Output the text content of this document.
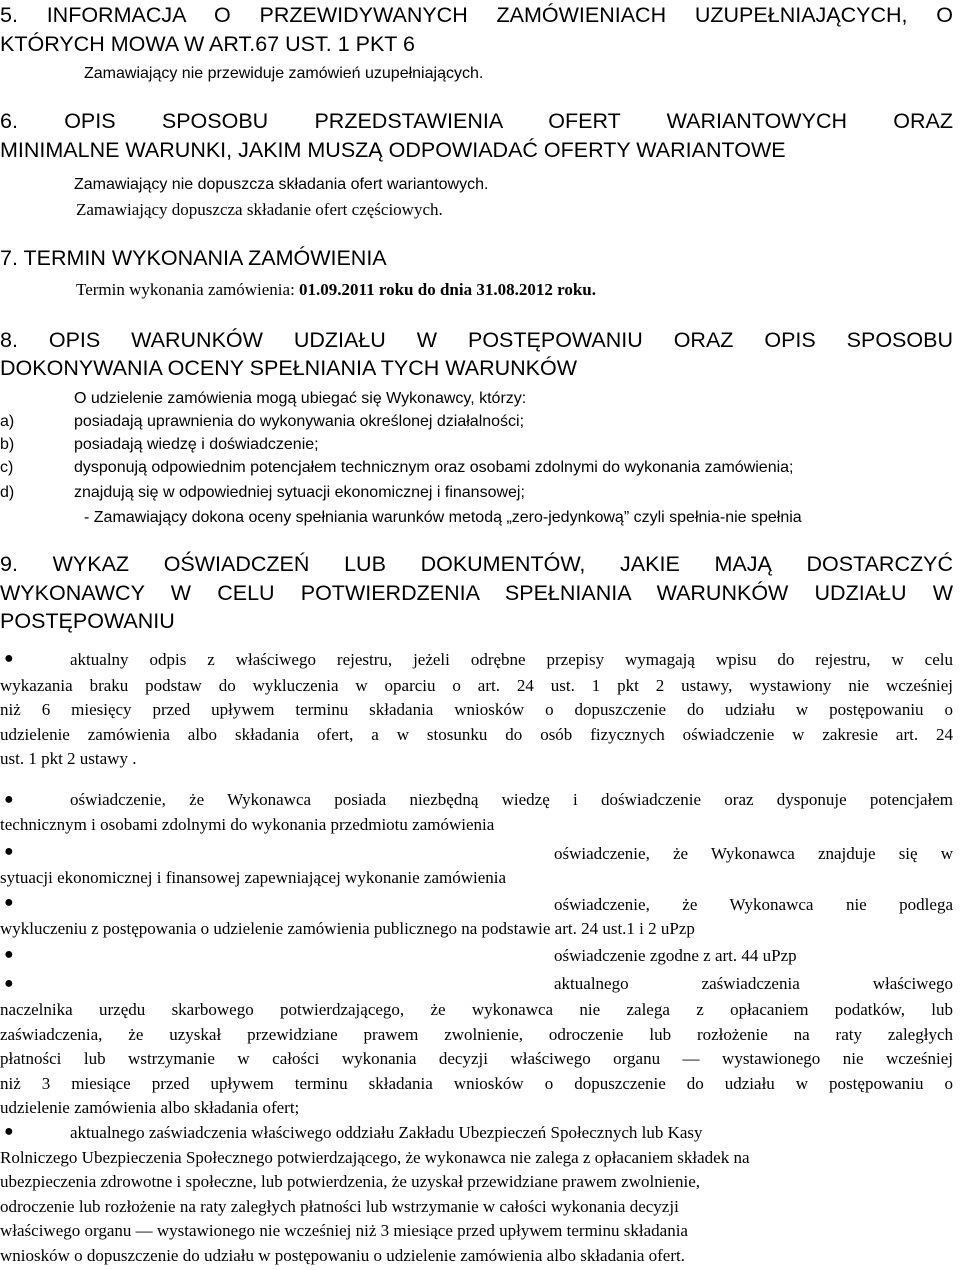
5. INFORMACJA O PRZEWIDYWANYCH ZAMÓWIENIACH UZUPEŁNIAJĄCYCH, O
KTÓRYCH MOWA W ART.67 UST. 1 PKT 6
Zamawiający nie przewiduje zamówień uzupełniających.
6. OPIS SPOSOBU PRZEDSTAWIENIA OFERT WARIANTOWYCH ORAZ
MINIMALNE WARUNKI, JAKIM MUSZĄ ODPOWIADAĆ OFERTY WARIANTOWE
Zamawiający nie dopuszcza składania ofert wariantowych.
Zamawiający dopuszcza składanie ofert częściowych.
7. TERMIN WYKONANIA ZAMÓWIENIA
Termin wykonania zamówienia: 01.09.2011 roku do dnia 31.08.2012 roku.
8. OPIS WARUNKÓW UDZIAŁU W POSTĘPOWANIU ORAZ OPIS SPOSOBU
DOKONYWANIA OCENY SPEŁNIANIA TYCH WARUNKÓW
O udzielenie zamówienia mogą ubiegać się Wykonawcy, którzy:
a)	posiadają uprawnienia do wykonywania określonej działalności;
b)	posiadają wiedzę i doświadczenie;
c)	dysponują odpowiednim potencjałem technicznym oraz osobami zdolnymi do wykonania zamówienia;
d)	znajdują się w odpowiedniej sytuacji ekonomicznej i finansowej;
- Zamawiający dokona oceny spełniania warunków metodą „zero-jedynkową” czyli spełnia-nie spełnia
9. WYKAZ OŚWIADCZEŃ LUB DOKUMENTÓW, JAKIE MAJĄ DOSTARCZYĆ
WYKONAWCY W CELU POTWIERDZENIA SPEŁNIANIA WARUNKÓW UDZIAŁU W
POSTĘPOWANIU
●	aktualny odpis z właściwego rejestru, jeżeli odrębne przepisy wymagają wpisu do rejestru, w celu
wykazania braku podstaw do wykluczenia w oparciu o art. 24 ust. 1 pkt 2 ustawy, wystawiony nie wcześniej
niż 6 miesięcy przed upływem terminu składania wniosków o dopuszczenie do udziału w postępowaniu o
udzielenie zamówienia albo składania ofert, a w stosunku do osób fizycznych oświadczenie w zakresie art. 24
ust. 1 pkt 2 ustawy .
●	oświadczenie, że Wykonawca posiada niezbędną wiedzę i doświadczenie oraz dysponuje potencjałem
technicznym i osobami zdolnymi do wykonania przedmiotu zamówienia
●	oświadczenie, że Wykonawca znajduje się w
sytuacji ekonomicznej i finansowej zapewniającej wykonanie zamówienia
●	oświadczenie, że Wykonawca nie podlega
wykluczeniu z postępowania o udzielenie zamówienia publicznego na podstawie art. 24 ust.1 i 2 uPzp
●	oświadczenie zgodne z art. 44 uPzp
●	aktualnego zaświadczenia właściwego
naczelnika urzędu skarbowego potwierdzającego, że wykonawca nie zalega z opłacaniem podatków, lub
zaświadczenia, że uzyskał przewidziane prawem zwolnienie, odroczenie lub rozłożenie na raty zaległych
płatności lub wstrzymanie w całości wykonania decyzji właściwego organu — wystawionego nie wcześniej
niż 3 miesiące przed upływem terminu składania wniosków o dopuszczenie do udziału w postępowaniu o
udzielenie zamówienia albo składania ofert;
●	aktualnego zaświadczenia właściwego oddziału Zakładu Ubezpieczeń Społecznych lub Kasy
Rolniczego Ubezpieczenia Społecznego potwierdzającego, że wykonawca nie zalega z opłacaniem składek na
ubezpieczenia zdrowotne i społeczne, lub potwierdzenia, że uzyskał przewidziane prawem zwolnienie,
odroczenie lub rozłożenie na raty zaległych płatności lub wstrzymanie w całości wykonania decyzji
właściwego organu — wystawionego nie wcześniej niż 3 miesiące przed upływem terminu składania
wniosków o dopuszczenie do udziału w postępowaniu o udzielenie zamówienia albo składania ofert.
